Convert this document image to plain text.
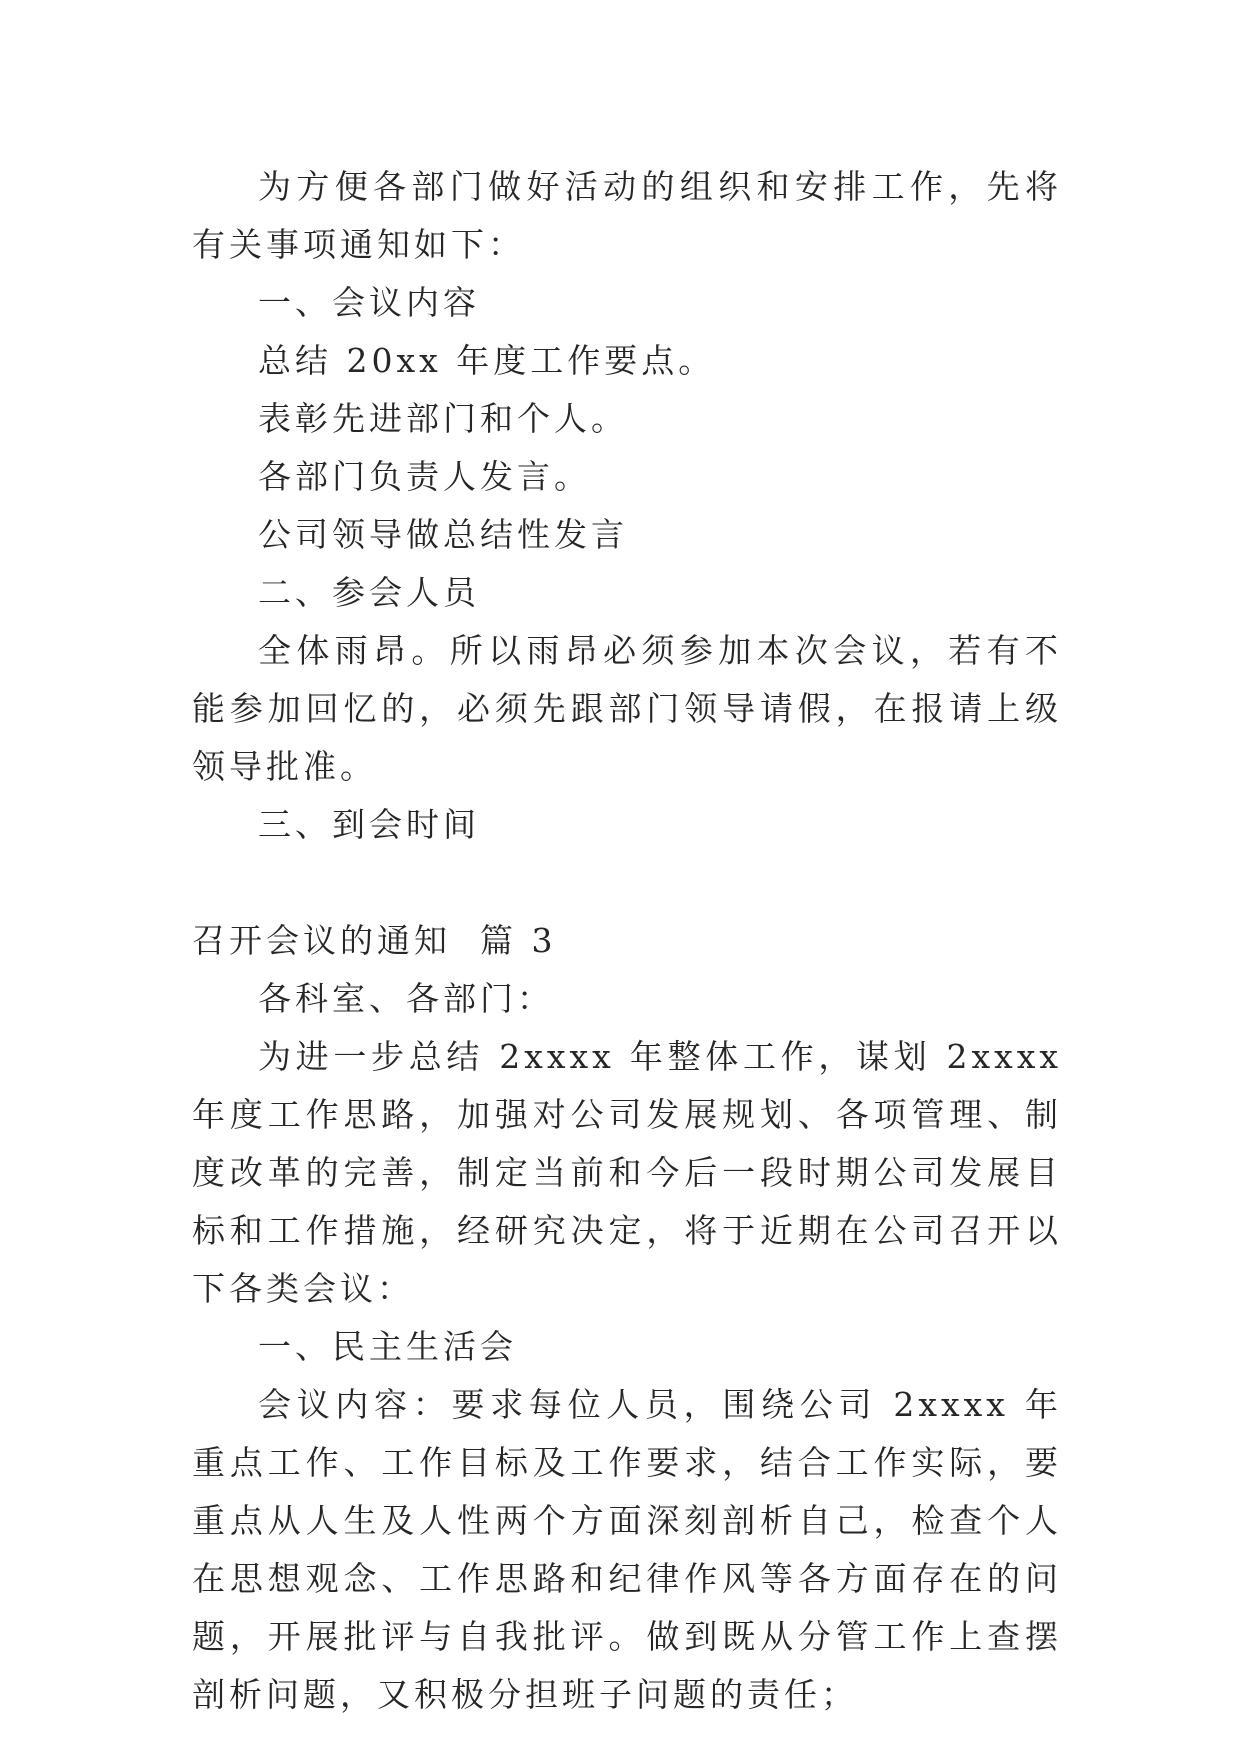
为方便各部门做好活动的组织和安排工作，先将有关事项通知如下：

一、会议内容

总结 20xx 年度工作要点。

表彰先进部门和个人。

各部门负责人发言。

公司领导做总结性发言

二、参会人员

全体雨昂。所以雨昂必须参加本次会议，若有不能参加回忆的，必须先跟部门领导请假，在报请上级领导批准。

三、到会时间

召开会议的通知  篇 3

各科室、各部门：

为进一步总结 2xxxx 年整体工作，谋划 2xxxx 年度工作思路，加强对公司发展规划、各项管理、制度改革的完善，制定当前和今后一段时期公司发展目标和工作措施，经研究决定，将于近期在公司召开以下各类会议：

一、民主生活会

会议内容：要求每位人员，围绕公司 2xxxx 年重点工作、工作目标及工作要求，结合工作实际，要重点从人生及人性两个方面深刻剖析自己，检查个人在思想观念、工作思路和纪律作风等各方面存在的问题，开展批评与自我批评。做到既从分管工作上查摆剖析问题，又积极分担班子问题的责任；
